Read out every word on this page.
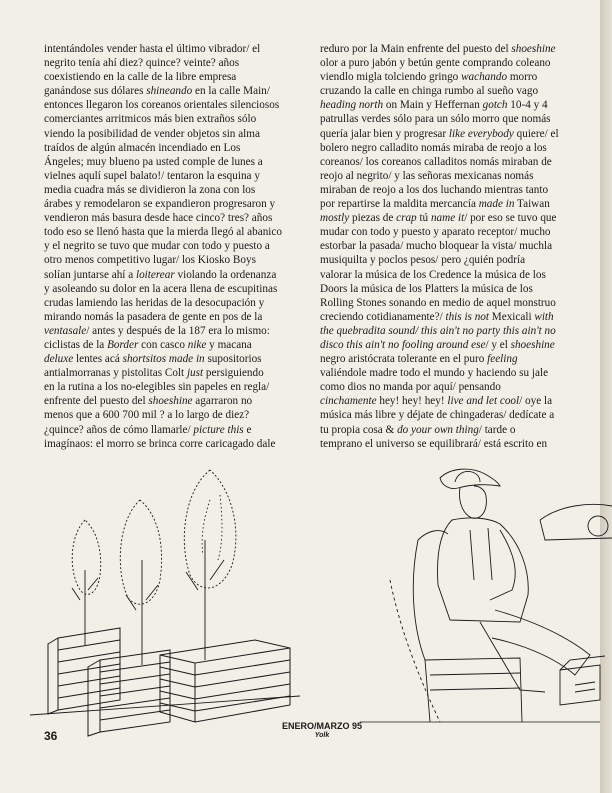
intentándoles vender hasta el último vibrador/ el

negrito tenía ahí diez? quince? veinte? años

coexistiendo en la calle de la libre empresa

ganándose sus dólares shineando en la calle Main/

entonces llegaron los coreanos orientales silenciosos

comerciantes arritmicos más bien extraños sólo

viendo la posibilidad de vender objetos sin alma

traídos de algún almacén incendiado en Los

Ángeles; muy blueno pa usted comple de lunes a

vielnes aqulí supel balato!/ tentaron la esquina y

media cuadra más se dividieron la zona con los

árabes y remodelaron se expandieron progresaron y

vendieron más basura desde hace cinco? tres? años

todo eso se llenó hasta que la mierda llegó al abanico

y el negrito se tuvo que mudar con todo y puesto a

otro menos competitivo lugar/ los Kiosko Boys

solían juntarse ahí a loiterear violando la ordenanza

y asoleando su dolor en la acera llena de escupitinas

crudas lamiendo las heridas de la desocupación y

mirando nomás la pasadera de gente en pos de la

ventasale/ antes y después de la 187 era lo mismo:

ciclistas de la Border con casco nike y macana

deluxe lentes acá shortsitos made in supositorios

antialmorranas y pistolitas Colt just persiguiendo

en la rutina a los no-elegibles sin papeles en regla/

enfrente del puesto del shoeshine agarraron no

menos que a 600 700 mil ? a lo largo de diez?

¿quince? años de cómo llamarle/ picture this e

imagínaos: el morro se brinca corre caricagado dale

reduro por la Main enfrente del puesto del shoeshine

olor a puro jabón y betún gente comprando coleano

viendlo migla tolciendo gringo wachando morro

cruzando la calle en chinga rumbo al sueño vago

heading north on Main y Heffernan gotch 10-4 y 4

patrullas verdes sólo para un sólo morro que nomás

quería jalar bien y progresar like everybody quiere/ el

bolero negro calladito nomás miraba de reojo a los

coreanos/ los coreanos calladitos nomás miraban de

reojo al negrito/ y las señoras mexicanas nomás

miraban de reojo a los dos luchando mientras tanto

por repartirse la maldita mercancía made in Taiwan

mostly piezas de crap tú name it/ por eso se tuvo que

mudar con todo y puesto y aparato receptor/ mucho

estorbar la pasada/ mucho bloquear la vista/ muchla

musiquilta y poclos pesos/ pero ¿quién podría

valorar la música de los Credence la música de los

Doors la música de los Platters la música de los

Rolling Stones sonando en medio de aquel monstruo

creciendo cotidianamente?/ this is not Mexicali with

the quebradita sound/ this ain't no party this ain't no

disco this ain't no fooling around ese/ y el shoeshine

negro aristócrata tolerante en el puro feeling

valiéndole madre todo el mundo y haciendo su jale

como dios no manda por aquí/ pensando

cinchamente hey! hey! hey! live and let cool/ oye la

música más libre y déjate de chingaderas/ dedícate a

tu propia cosa & do your own thing/ tarde o

temprano el universo se equilibrará/ está escrito en

36
ENERO/MARZO 95
Yolk
